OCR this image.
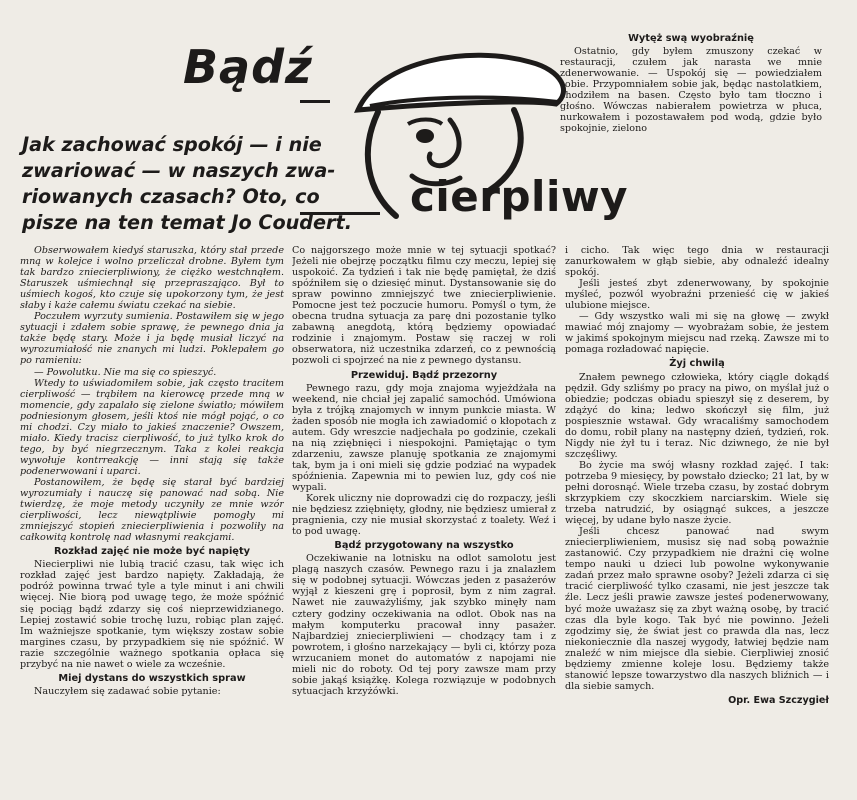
Bądź
cierpliwy
Jak zachować spokój — i nie
zwariować — w naszych zwa-
riowanych czasach? Oto, co
pisze na ten temat Jo Coudert.
Wytęż swą wyobraźnię

Ostatnio, gdy byłem zmuszony czekać w restauracji, czułem jak narasta we mnie zdenerwowanie. — Uspokój się — powiedziałem sobie. Przypomniałem sobie jak, będąc nastolatkiem, chodziłem na basen. Często było tam tłoczno i głośno. Wówczas nabierałem powietrza w płuca, nurkowałem i pozostawałem pod wodą, gdzie było spokojnie, zielono

Obserwowałem kiedyś staruszka, który stał przede mną w kolejce i wolno przeliczał drobne. Byłem tym tak bardzo zniecierpliwiony, że ciężko westchnąłem. Staruszek uśmiechnął się przepraszająco. Był to uśmiech kogoś, kto czuje się upokorzony tym, że jest słaby i każe całemu światu czekać na siebie.

Poczułem wyrzuty sumienia. Postawiłem się w jego sytuacji i zdałem sobie sprawę, że pewnego dnia ja także będę stary. Może i ja będę musiał liczyć na wyrozumiałość nie znanych mi ludzi. Poklepałem go po ramieniu:

— Powolutku. Nie ma się co spieszyć.

Wtedy to uświadomiłem sobie, jak często tracitem cierpliwość — trąbiłem na kierowcę przede mną w momencie, gdy zapalało się zielone światło; mówiłem podniesionym głosem, jeśli ktoś nie mógł pojąć, o co mi chodzi. Czy miało to jakieś znaczenie? Owszem, miało. Kiedy tracisz cierpliwość, to już tylko krok do tego, by być niegrzecznym. Taka z kolei reakcja wywołuje kontrreakcję — inni stają się także podenerwowani i uparci.

Postanowiłem, że będę się starał być bardziej wyrozumiały i nauczę się panować nad sobą. Nie twierdzę, że moje metody uczyniły ze mnie wzór cierpliwości, lecz niewątpliwie pomogły mi zmniejszyć stopień zniecierpliwienia i pozwoliły na całkowitą kontrolę nad własnymi reakcjami.

Rozkład zajęć nie może być napięty

Niecierpliwi nie lubią tracić czasu, tak więc ich rozkład zajęć jest bardzo napięty. Zakładają, że podróż powinna trwać tyle a tyle minut i ani chwili więcej. Nie biorą pod uwagę tego, że może spóźnić się pociąg bądź zdarzy się coś nieprzewidzianego. Lepiej zostawić sobie trochę luzu, robiąc plan zajęć. Im ważniejsze spotkanie, tym większy zostaw sobie margines czasu, by przypadkiem się nie spóźnić. W razie szczególnie ważnego spotkania opłaca się przybyć na nie nawet o wiele za wcześnie.

Miej dystans do wszystkich spraw

Nauczyłem się zadawać sobie pytanie:

Co najgorszego może mnie w tej sytuacji spotkać? Jeżeli nie obejrzę początku filmu czy meczu, lepiej się uspokoić. Za tydzień i tak nie będę pamiętał, że dziś spóźniłem się o dziesięć minut. Dystansowanie się do spraw powinno zmniejszyć twe zniecierpliwienie. Pomocne jest też poczucie humoru. Pomyśl o tym, że obecna trudna sytuacja za parę dni pozostanie tylko zabawną anegdotą, którą będziemy opowiadać rodzinie i znajomym. Postaw się raczej w roli obserwatora, niż uczestnika zdarzeń, co z pewnością pozwoli ci spojrzeć na nie z pewnego dystansu.

Przewiduj. Bądź przezorny

Pewnego razu, gdy moja znajoma wyjeżdżała na weekend, nie chciał jej zapalić samochód. Umówiona była z trójką znajomych w innym punkcie miasta. W żaden sposób nie mogła ich zawiadomić o kłopotach z autem. Gdy wreszcie nadjechała po godzinie, czekali na nią zziębnięci i niespokojni. Pamiętając o tym zdarzeniu, zawsze planuję spotkania ze znajomymi tak, bym ja i oni mieli się gdzie podziać na wypadek spóźnienia. Zapewnia mi to pewien luz, gdy coś nie wypali.

Korek uliczny nie doprowadzi cię do rozpaczy, jeśli nie będziesz zziębnięty, głodny, nie będziesz umierał z pragnienia, czy nie musiał skorzystać z toalety. Weź i to pod uwagę.

Bądź przygotowany na wszystko

Oczekiwanie na lotnisku na odlot samolotu jest plagą naszych czasów. Pewnego razu i ja znalazłem się w podobnej sytuacji. Wówczas jeden z pasażerów wyjął z kieszeni grę i poprosił, bym z nim zagrał. Nawet nie zauważyliśmy, jak szybko minęły nam cztery godziny oczekiwania na odlot. Obok nas na małym komputerku pracował inny pasażer. Najbardziej zniecierpliwieni — chodzący tam i z powrotem, i głośno narzekający — byli ci, którzy poza wrzucaniem monet do automatów z napojami nie mieli nic do roboty. Od tej pory zawsze mam przy sobie jakąś książkę. Kolega rozwiązuje w podobnych sytuacjach krzyżówki.

i cicho. Tak więc tego dnia w restauracji zanurkowałem w głąb siebie, aby odnaleźć idealny spokój.

Jeśli jesteś zbyt zdenerwowany, by spokojnie myśleć, pozwól wyobraźni przenieść cię w jakieś ulubione miejsce.

— Gdy wszystko wali mi się na głowę — zwykł mawiać mój znajomy — wyobrażam sobie, że jestem w jakimś spokojnym miejscu nad rzeką. Zawsze mi to pomaga rozładować napięcie.

Żyj chwilą

Znałem pewnego człowieka, który ciągle dokądś pędził. Gdy szliśmy po pracy na piwo, on myślał już o obiedzie; podczas obiadu spieszył się z deserem, by zdążyć do kina; ledwo skończył się film, już pospiesznie wstawał. Gdy wracaliśmy samochodem do domu, robił plany na następny dzień, tydzień, rok. Nigdy nie żył tu i teraz. Nic dziwnego, że nie był szczęśliwy.

Bo życie ma swój własny rozkład zajęć. I tak: potrzeba 9 miesięcy, by powstało dziecko; 21 lat, by w pełni dorosnąć. Wiele trzeba czasu, by zostać dobrym skrzypkiem czy skoczkiem narciarskim. Wiele się trzeba natrudzić, by osiągnąć sukces, a jeszcze więcej, by udane było nasze życie.

Jeśli chcesz panować nad swym zniecierpliwieniem, musisz się nad sobą poważnie zastanowić. Czy przypadkiem nie drażni cię wolne tempo nauki u dzieci lub powolne wykonywanie zadań przez mało sprawne osoby? Jeżeli zdarza ci się tracić cierpliwość tylko czasami, nie jest jeszcze tak źle. Lecz jeśli prawie zawsze jesteś podenerwowany, być może uważasz się za zbyt ważną osobę, by tracić czas dla byle kogo. Tak być nie powinno. Jeżeli zgodzimy się, że świat jest co prawda dla nas, lecz niekoniecznie dla naszej wygody, łatwiej będzie nam znaleźć w nim miejsce dla siebie. Cierpliwiej znosić będziemy zmienne koleje losu. Będziemy także stanowić lepsze towarzystwo dla naszych bliźnich — i dla siebie samych.

Opr. Ewa Szczygieł
